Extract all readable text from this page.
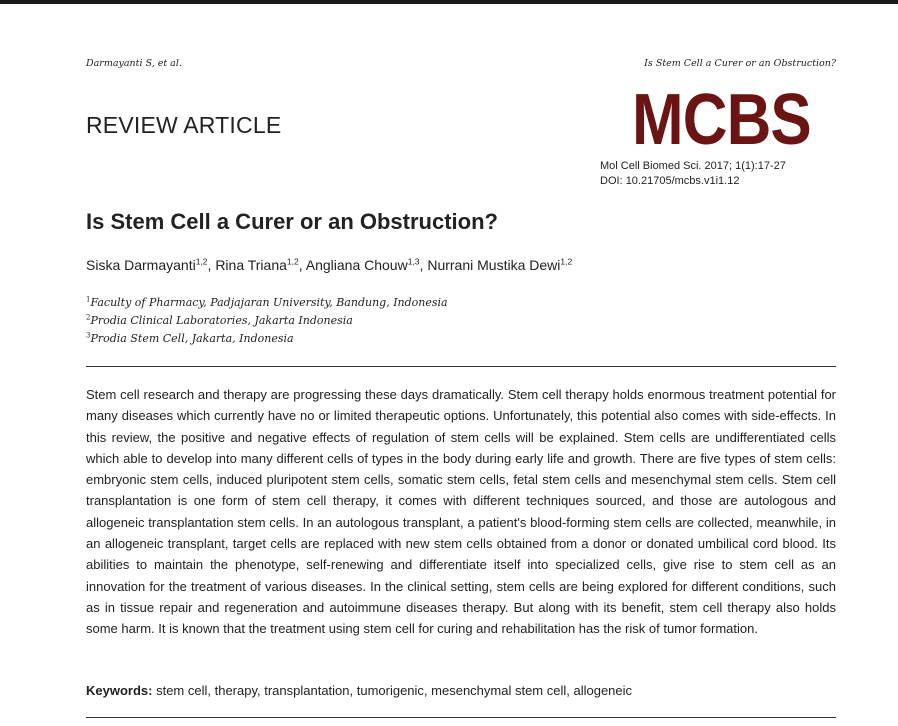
Darmayanti S, et al.	Is Stem Cell a Curer or an Obstruction?
REVIEW ARTICLE	MCBS
Mol Cell Biomed Sci. 2017; 1(1):17-27
DOI: 10.21705/mcbs.v1i1.12
Is Stem Cell a Curer or an Obstruction?
Siska Darmayanti$^{1,2}$, Rina Triana$^{1,2}$, Angliana Chouw$^{1,3}$, Nurrani Mustika Dewi$^{1,2}$
$^1$Faculty of Pharmacy, Padjajaran University, Bandung, Indonesia
$^2$Prodia Clinical Laboratories, Jakarta Indonesia
$^3$Prodia Stem Cell, Jakarta, Indonesia

Stem cell research and therapy are progressing these days dramatically. Stem cell therapy holds enormous treatment potential for many diseases which currently have no or limited therapeutic options. Unfortunately, this potential also comes with side-effects. In this review, the positive and negative effects of regulation of stem cells will be explained. Stem cells are undifferentiated cells which able to develop into many different cells of types in the body during early life and growth. There are five types of stem cells: embryonic stem cells, induced pluripotent stem cells, somatic stem cells, fetal stem cells and mesenchymal stem cells. Stem cell transplantation is one form of stem cell therapy, it comes with different techniques sourced, and those are autologous and allogeneic transplantation stem cells. In an autologous transplant, a patient's blood-forming stem cells are collected, meanwhile, in an allogeneic transplant, target cells are replaced with new stem cells obtained from a donor or donated umbilical cord blood. Its abilities to maintain the phenotype, self-renewing and differentiate itself into specialized cells, give rise to stem cell as an innovation for the treatment of various diseases. In the clinical setting, stem cells are being explored for different conditions, such as in tissue repair and regeneration and autoimmune diseases therapy. But along with its benefit, stem cell therapy also holds some harm. It is known that the treatment using stem cell for curing and rehabilitation has the risk of tumor formation.

Keywords: stem cell, therapy, transplantation, tumorigenic, mesenchymal stem cell, allogeneic
